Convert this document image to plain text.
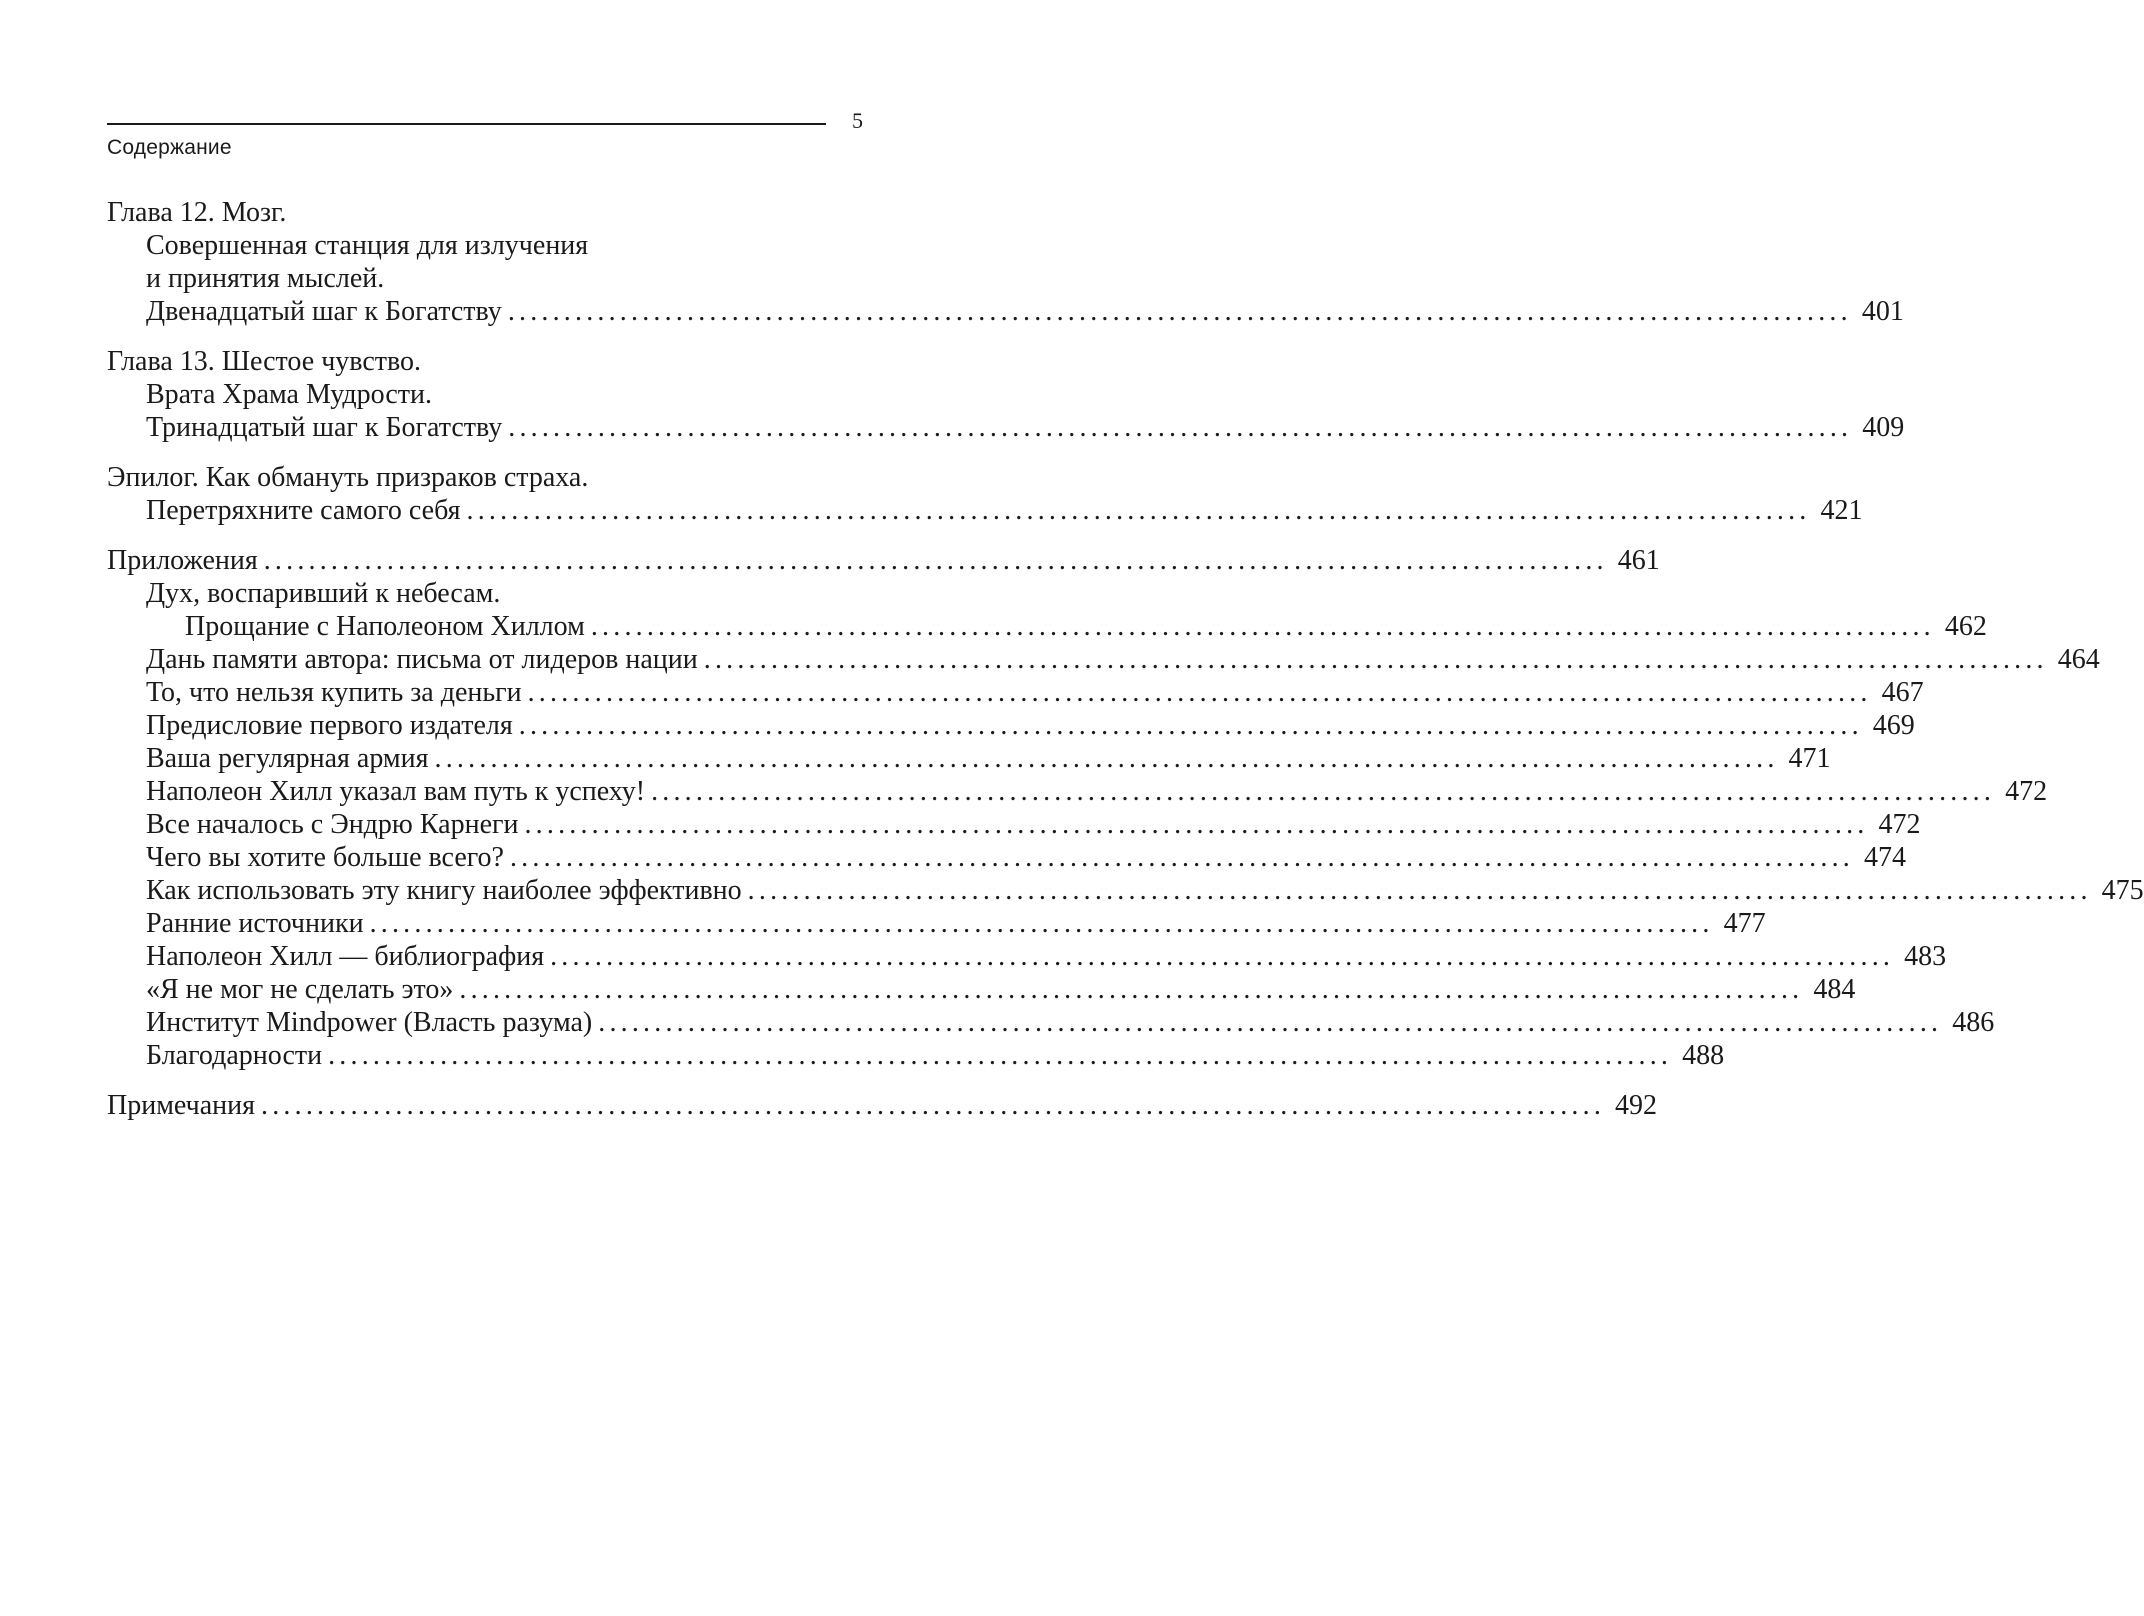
5
Содержание
Глава 12. Мозг.
Совершенная станция для излучения
и принятия мыслей.
Двенадцатый шаг к Богатству ........................................................................................................................ 401
Глава 13. Шестое чувство.
Врата Храма Мудрости.
Тринадцатый шаг к Богатству ........................................................................................................................ 409
Эпилог. Как обмануть призраков страха.
Перетряхните самого себя ........................................................................................................................ 421
Приложения ........................................................................................................................ 461
Дух, воспаривший к небесам.
Прощание с Наполеоном Хиллом ........................................................................................................................ 462
Дань памяти автора: письма от лидеров нации ........................................................................................................................ 464
То, что нельзя купить за деньги ........................................................................................................................ 467
Предисловие первого издателя ........................................................................................................................ 469
Ваша регулярная армия ........................................................................................................................ 471
Наполеон Хилл указал вам путь к успеху! ........................................................................................................................ 472
Все началось с Эндрю Карнеги ........................................................................................................................ 472
Чего вы хотите больше всего? ........................................................................................................................ 474
Как использовать эту книгу наиболее эффективно ........................................................................................................................ 475
Ранние источники ........................................................................................................................ 477
Наполеон Хилл — библиография ........................................................................................................................ 483
«Я не мог не сделать это» ........................................................................................................................ 484
Институт Mindpower (Власть разума) ........................................................................................................................ 486
Благодарности ........................................................................................................................ 488
Примечания ........................................................................................................................ 492
